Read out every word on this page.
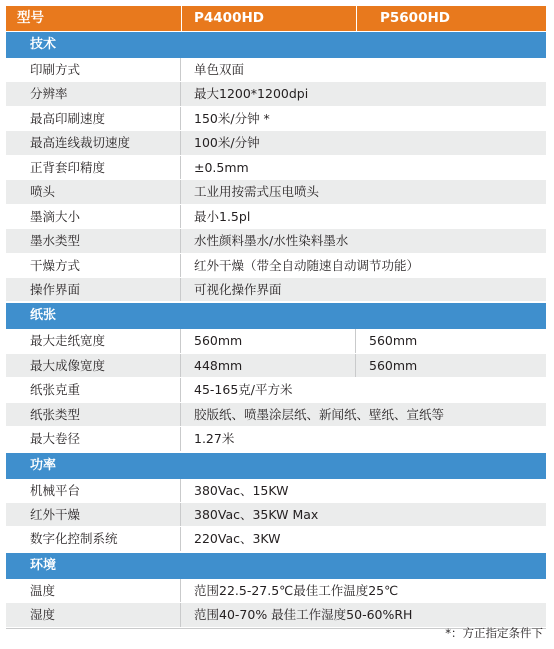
型号	P4400HD	P5600HD
技术
印刷方式	单色双面
分辨率	最大1200*1200dpi
最高印刷速度	150米/分钟 *
最高连线裁切速度	100米/分钟
正背套印精度	±0.5mm
喷头	工业用按需式压电喷头
墨滴大小	最小1.5pl
墨水类型	水性颜料墨水/水性染料墨水
干燥方式	红外干燥（带全自动随速自动调节功能）
操作界面	可视化操作界面
纸张
最大走纸宽度	560mm	560mm
最大成像宽度	448mm	560mm
纸张克重	45-165克/平方米
纸张类型	胶版纸、喷墨涂层纸、新闻纸、壁纸、宣纸等
最大卷径	1.27米
功率
机械平台	380Vac、15KW
红外干燥	380Vac、35KW Max
数字化控制系统	220Vac、3KW
环境
温度	范围22.5-27.5℃最佳工作温度25℃
湿度	范围40-70% 最佳工作湿度50-60%RH
*：方正指定条件下
